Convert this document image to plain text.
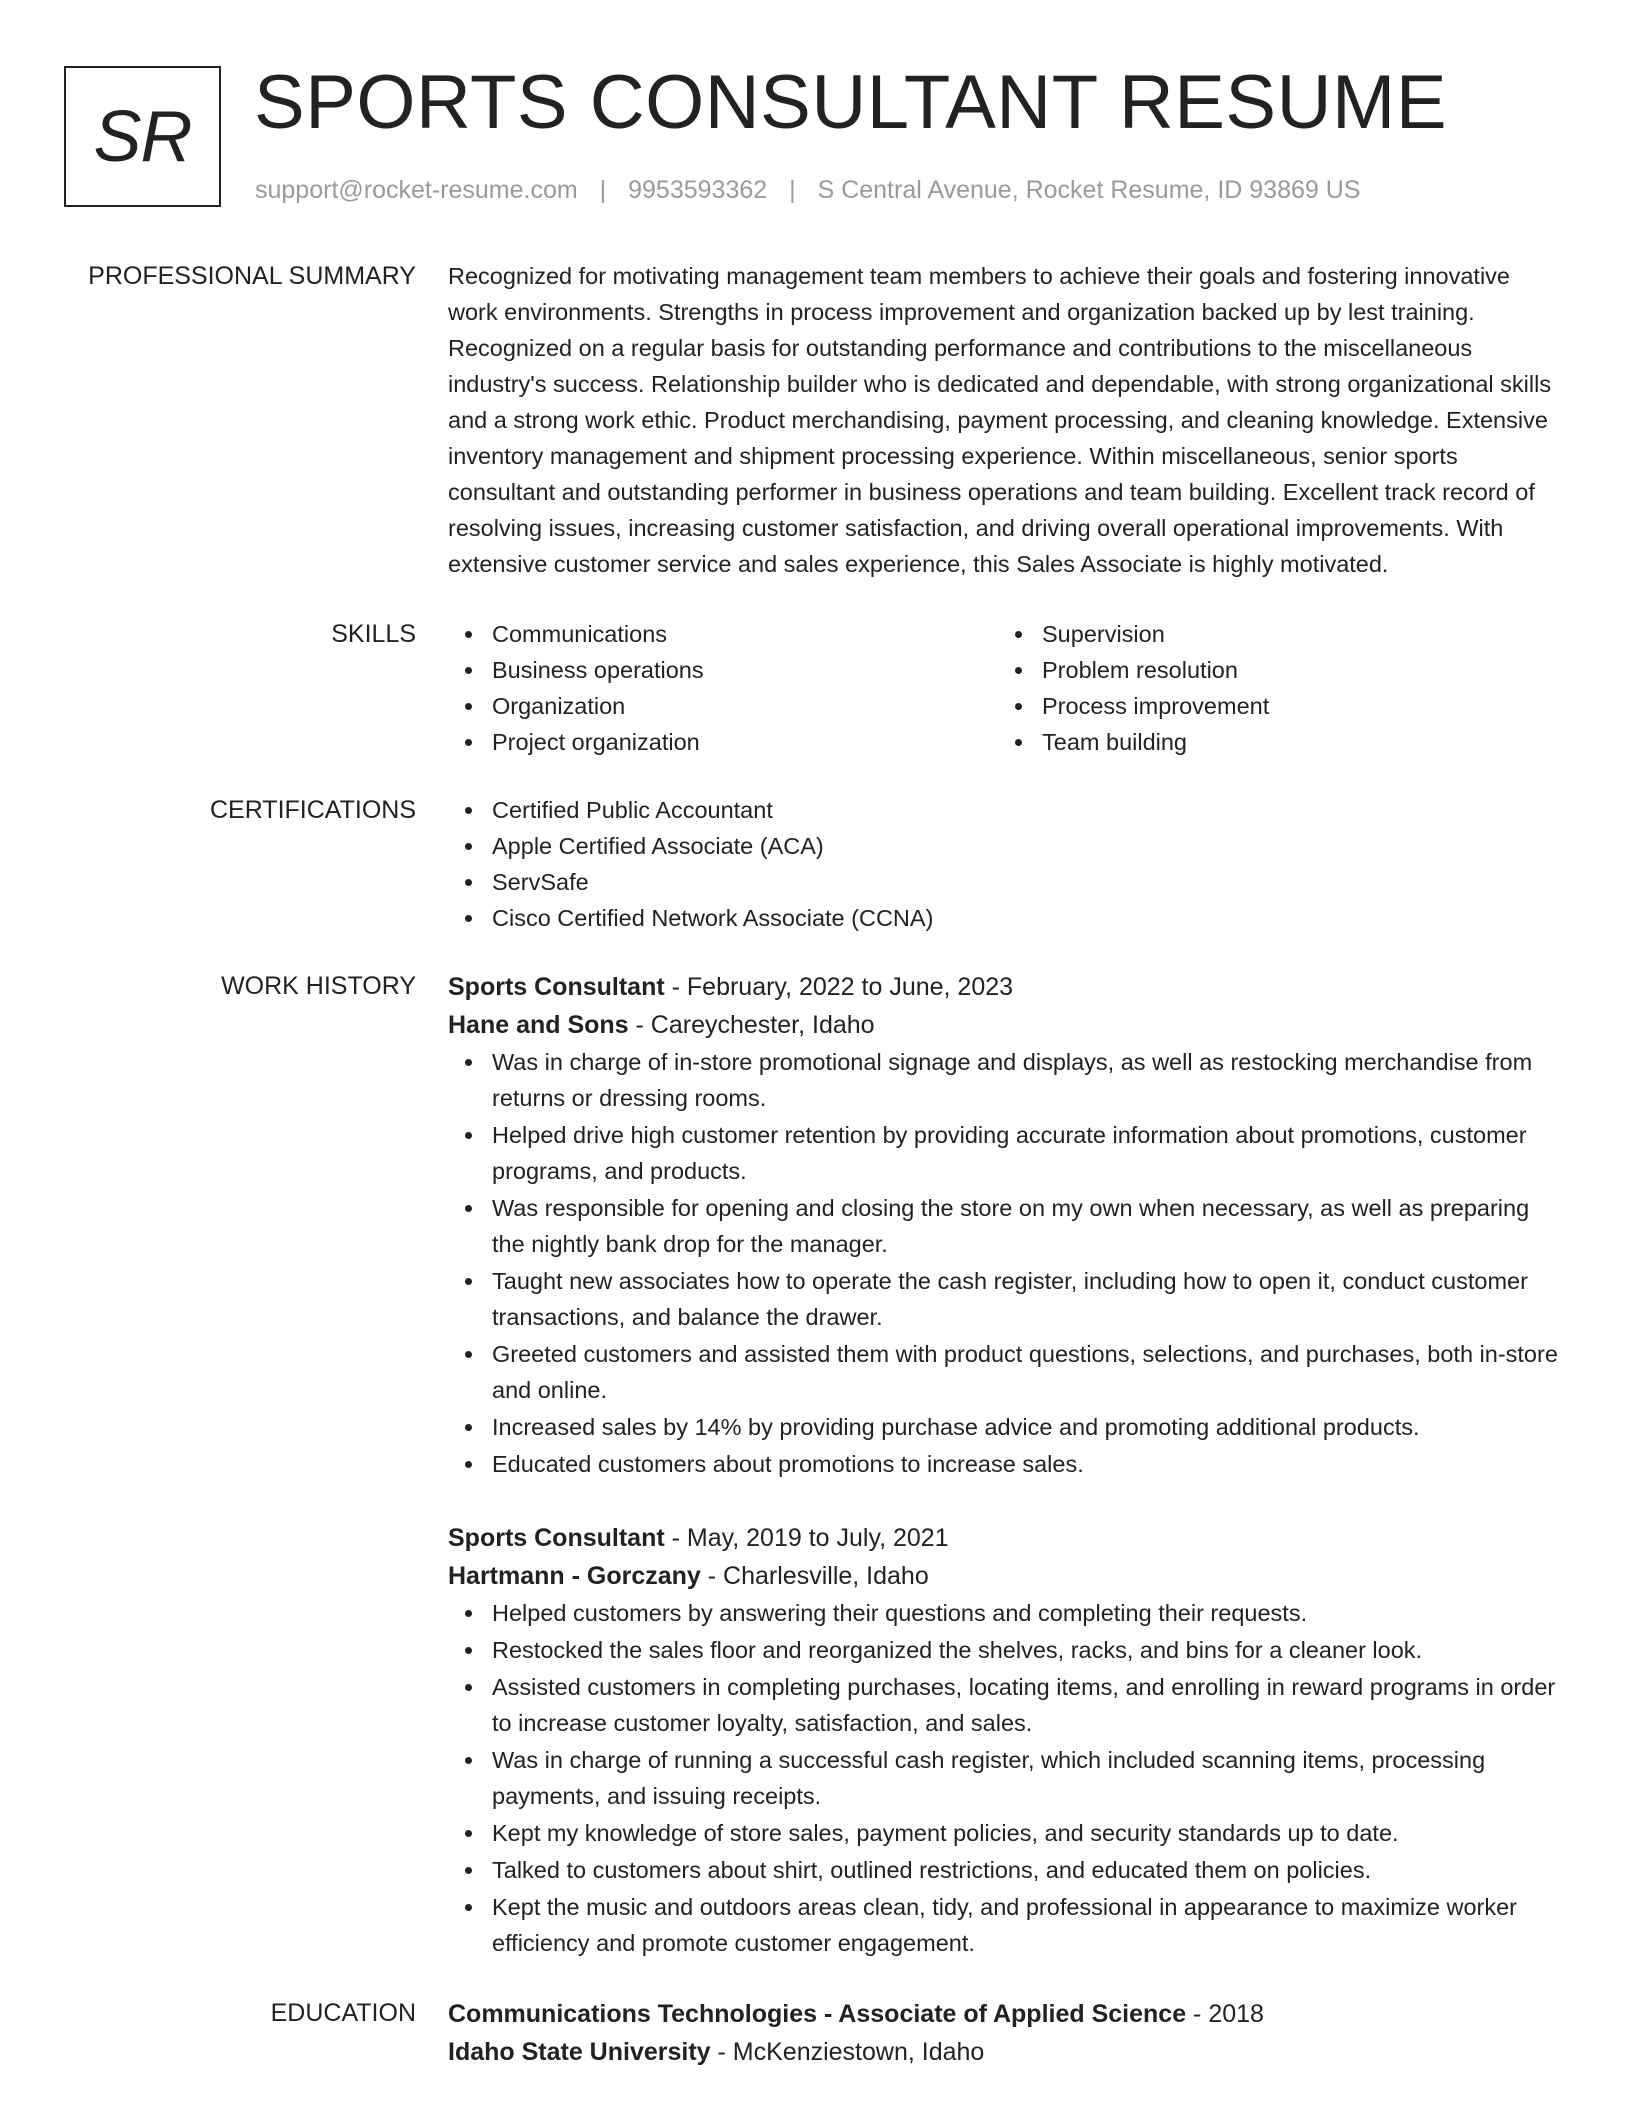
SR SPORTS CONSULTANT RESUME
support@rocket-resume.com | 9953593362 | S Central Avenue, Rocket Resume, ID 93869 US
PROFESSIONAL SUMMARY Recognized for motivating management team members to achieve their goals and fostering innovative work environments. Strengths in process improvement and organization backed up by lest training. Recognized on a regular basis for outstanding performance and contributions to the miscellaneous industry's success. Relationship builder who is dedicated and dependable, with strong organizational skills and a strong work ethic. Product merchandising, payment processing, and cleaning knowledge. Extensive inventory management and shipment processing experience. Within miscellaneous, senior sports consultant and outstanding performer in business operations and team building. Excellent track record of resolving issues, increasing customer satisfaction, and driving overall operational improvements. With extensive customer service and sales experience, this Sales Associate is highly motivated.

SKILLS	Communications
Business operations
Organization
Project organization
Supervision
Problem resolution
Process improvement
Team building
CERTIFICATIONS	Certified Public Accountant
Apple Certified Associate (ACA)
ServSafe
Cisco Certified Network Associate (CCNA)
WORK HISTORY Sports Consultant - February, 2022 to June, 2023
Hane and Sons - Careychester, Idaho
Was in charge of in-store promotional signage and displays, as well as restocking merchandise from returns or dressing rooms.
Helped drive high customer retention by providing accurate information about promotions, customer programs, and products.
Was responsible for opening and closing the store on my own when necessary, as well as preparing the nightly bank drop for the manager.
Taught new associates how to operate the cash register, including how to open it, conduct customer transactions, and balance the drawer.
Greeted customers and assisted them with product questions, selections, and purchases, both in-store and online.
Increased sales by 14% by providing purchase advice and promoting additional products.
Educated customers about promotions to increase sales.
Sports Consultant - May, 2019 to July, 2021
Hartmann - Gorczany - Charlesville, Idaho
Helped customers by answering their questions and completing their requests.
Restocked the sales floor and reorganized the shelves, racks, and bins for a cleaner look.
Assisted customers in completing purchases, locating items, and enrolling in reward programs in order to increase customer loyalty, satisfaction, and sales.
Was in charge of running a successful cash register, which included scanning items, processing payments, and issuing receipts.
Kept my knowledge of store sales, payment policies, and security standards up to date.
Talked to customers about shirt, outlined restrictions, and educated them on policies.
Kept the music and outdoors areas clean, tidy, and professional in appearance to maximize worker efficiency and promote customer engagement.
EDUCATION Communications Technologies - Associate of Applied Science - 2018
Idaho State University - McKenziestown, Idaho
